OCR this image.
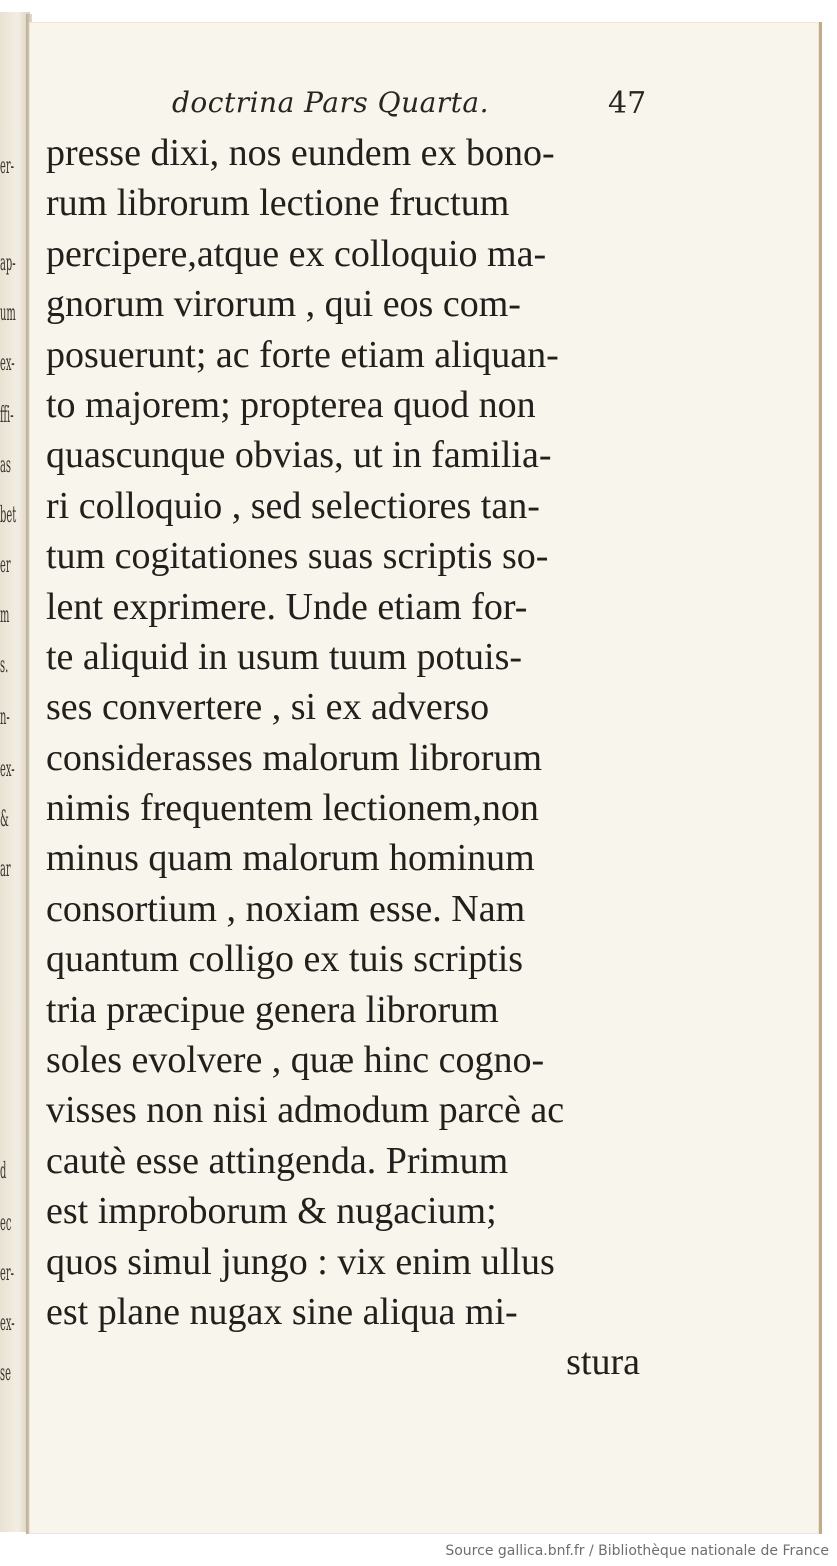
er-
ap-
um
ex-
ffi-
as
bet
er
m
s.
n-
ex-
&
ar
d
ec
er-
ex-
se
doctrina Pars Quarta.	47
presse dixi, nos eundem ex bono-
rum librorum lectione fructum
percipere,atque ex colloquio ma-
gnorum virorum , qui eos com-
posuerunt; ac forte etiam aliquan-
to majorem; propterea quod non
quascunque obvias, ut in familia-
ri colloquio , sed selectiores tan-
tum cogitationes suas scriptis so-
lent exprimere. Unde etiam for-
te aliquid in usum tuum potuis-
ses convertere , si ex adverso
considerasses malorum librorum
nimis frequentem lectionem,non
minus quam malorum hominum
consortium , noxiam esse. Nam
quantum colligo ex tuis scriptis
tria præcipue genera librorum
soles evolvere , quæ hinc cogno-
visses non nisi admodum parcè ac
cautè esse attingenda. Primum
est improborum & nugacium;
quos simul jungo : vix enim ullus
est plane nugax sine aliqua mi-
stura
Source gallica.bnf.fr / Bibliothèque nationale de France
